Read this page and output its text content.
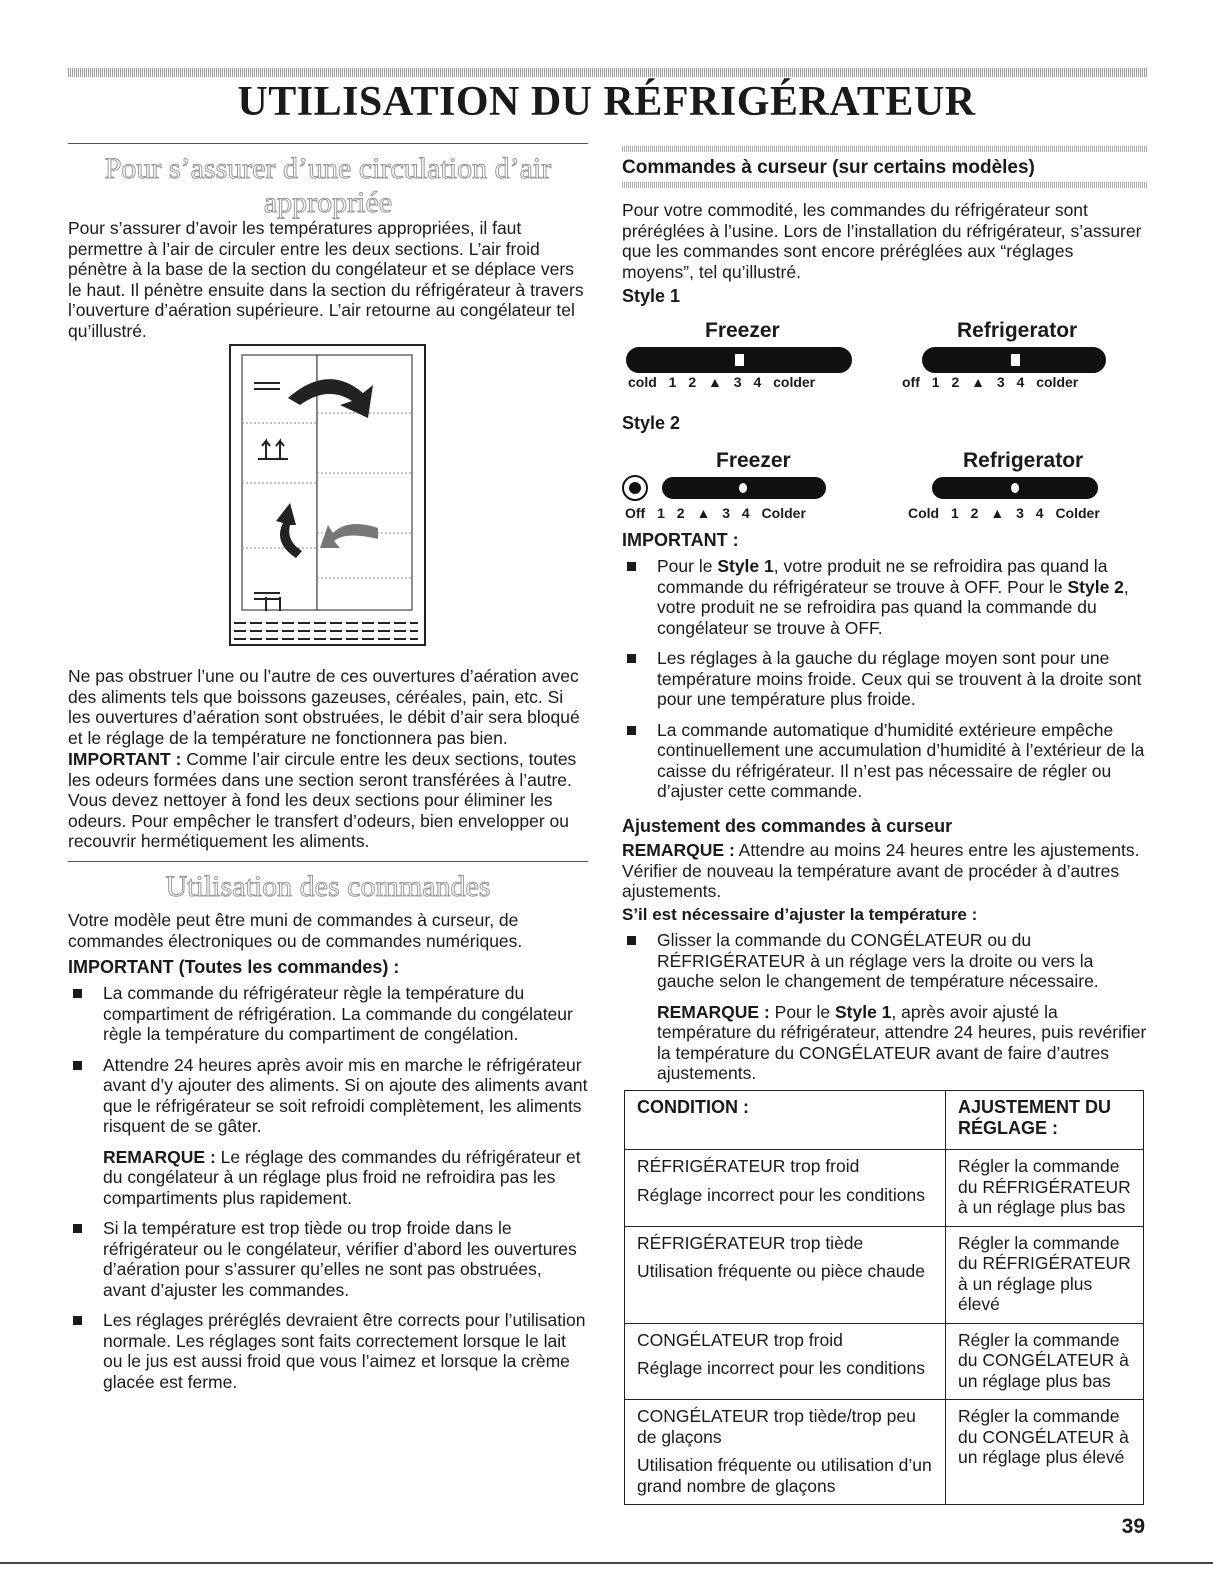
UTILISATION DU RÉFRIGÉRATEUR
Pour s’assurer d’une circulation d’air appropriée

Pour s’assurer d’avoir les températures appropriées, il faut permettre à l’air de circuler entre les deux sections. L’air froid pénètre à la base de la section du congélateur et se déplace vers le haut. Il pénètre ensuite dans la section du réfrigérateur à travers l’ouverture d’aération supérieure. L’air retourne au congélateur tel qu’illustré.

Ne pas obstruer l’une ou l’autre de ces ouvertures d’aération avec des aliments tels que boissons gazeuses, céréales, pain, etc. Si les ouvertures d’aération sont obstruées, le débit d’air sera bloqué et le réglage de la température ne fonctionnera pas bien.

IMPORTANT : Comme l’air circule entre les deux sections, toutes les odeurs formées dans une section seront transférées à l’autre. Vous devez nettoyer à fond les deux sections pour éliminer les odeurs. Pour empêcher le transfert d’odeurs, bien envelopper ou recouvrir hermétiquement les aliments.

Utilisation des commandes

Votre modèle peut être muni de commandes à curseur, de commandes électroniques ou de commandes numériques.

IMPORTANT (Toutes les commandes) :

La commande du réfrigérateur règle la température du compartiment de réfrigération. La commande du congélateur règle la température du compartiment de congélation.
Attendre 24 heures après avoir mis en marche le réfrigérateur avant d’y ajouter des aliments. Si on ajoute des aliments avant que le réfrigérateur se soit refroidi complètement, les aliments risquent de se gâter.
REMARQUE : Le réglage des commandes du réfrigérateur et du congélateur à un réglage plus froid ne refroidira pas les compartiments plus rapidement.
Si la température est trop tiède ou trop froide dans le réfrigérateur ou le congélateur, vérifier d’abord les ouvertures d’aération pour s’assurer qu’elles ne sont pas obstruées, avant d’ajuster les commandes.
Les réglages préréglés devraient être corrects pour l’utilisation normale. Les réglages sont faits correctement lorsque le lait ou le jus est aussi froid que vous l’aimez et lorsque la crème glacée est ferme.
Commandes à curseur (sur certains modèles)

Pour votre commodité, les commandes du réfrigérateur sont préréglées à l’usine. Lors de l’installation du réfrigérateur, s’assurer que les commandes sont encore préréglées aux “réglages moyens”, tel qu’illustré.

Style 1

Freezer
cold 1 2 ▲ 3 4 colder
Refrigerator
off 1 2 ▲ 3 4 colder

Style 2

Freezer
Off 1 2 ▲ 3 4 Colder
Refrigerator
Cold 1 2 ▲ 3 4 Colder

IMPORTANT :

Pour le Style 1, votre produit ne se refroidira pas quand la commande du réfrigérateur se trouve à OFF. Pour le Style 2, votre produit ne se refroidira pas quand la commande du congélateur se trouve à OFF.
Les réglages à la gauche du réglage moyen sont pour une température moins froide. Ceux qui se trouvent à la droite sont pour une température plus froide.
La commande automatique d’humidité extérieure empêche continuellement une accumulation d’humidité à l’extérieur de la caisse du réfrigérateur. Il n’est pas nécessaire de régler ou d’ajuster cette commande.

Ajustement des commandes à curseur

REMARQUE : Attendre au moins 24 heures entre les ajustements. Vérifier de nouveau la température avant de procéder à d’autres ajustements.

S’il est nécessaire d’ajuster la température :

Glisser la commande du CONGÉLATEUR ou du RÉFRIGÉRATEUR à un réglage vers la droite ou vers la gauche selon le changement de température nécessaire.
REMARQUE : Pour le Style 1, après avoir ajusté la température du réfrigérateur, attendre 24 heures, puis revérifier la température du CONGÉLATEUR avant de faire d’autres ajustements.
CONDITION :	AJUSTEMENT DU RÉGLAGE :

RÉFRIGÉRATEUR trop froid
Réglage incorrect pour les conditions	Régler la commande du RÉFRIGÉRATEUR à un réglage plus bas

RÉFRIGÉRATEUR trop tiède
Utilisation fréquente ou pièce chaude	Régler la commande du RÉFRIGÉRATEUR à un réglage plus élevé

CONGÉLATEUR trop froid
Réglage incorrect pour les conditions	Régler la commande du CONGÉLATEUR à un réglage plus bas

CONGÉLATEUR trop tiède/trop peu de glaçons
Utilisation fréquente ou utilisation d’un grand nombre de glaçons	Régler la commande du CONGÉLATEUR à un réglage plus élevé
39
